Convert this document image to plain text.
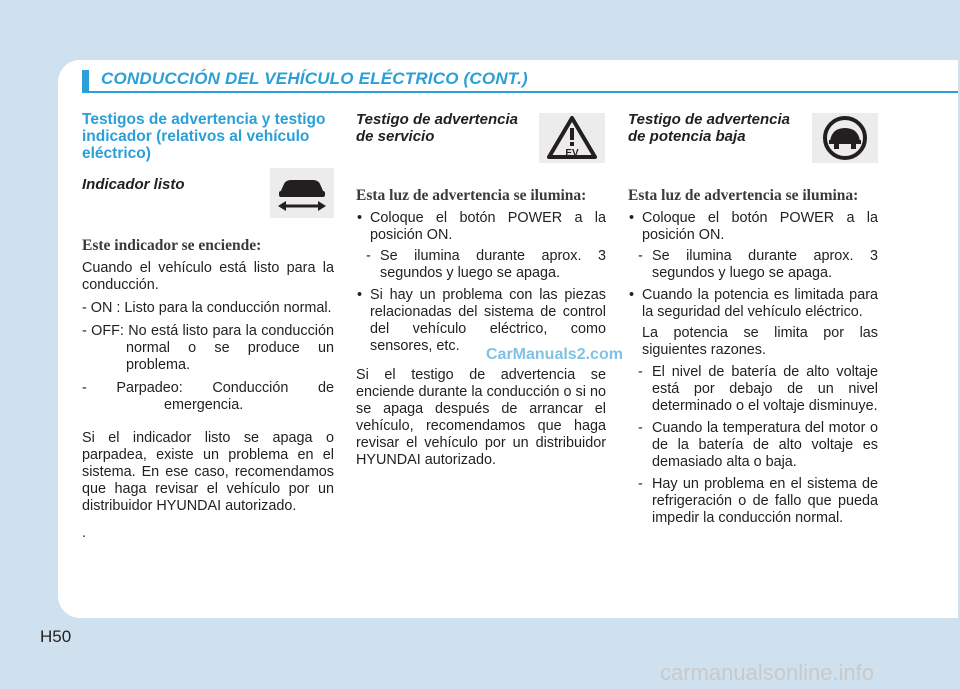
CONDUCCIÓN DEL VEHÍCULO ELÉCTRICO (CONT.)
Testigos de advertencia y testigo indicador (relativos al vehículo eléctrico)
Indicador listo
Este indicador se enciende:

Cuando el vehículo está listo para la conducción.

- ON : Listo para la conducción normal.

- OFF: No está listo para la conducción normal o se produce un problema.

- Parpadeo: Conducción de emergencia.

Si el indicador listo se apaga o parpadea, existe un problema en el sistema. En ese caso, recomendamos que haga revisar el vehículo por un distribuidor HYUNDAI autorizado.

.

Testigo de advertencia de servicio
Esta luz de advertencia se ilumina:
• Coloque el botón POWER a la posición ON.
- Se ilumina durante aprox. 3 segundos y luego se apaga.
• Si hay un problema con las piezas relacionadas del sistema de control del vehículo eléctrico, como sensores, etc.

Si el testigo de advertencia se enciende durante la conducción o si no se apaga después de arrancar el vehículo, recomendamos que haga revisar el vehículo por un distribuidor HYUNDAI autorizado.

EV
CarManuals2.com
Testigo de advertencia de potencia baja
Esta luz de advertencia se ilumina:
• Coloque el botón POWER a la posición ON.
- Se ilumina durante aprox. 3 segundos y luego se apaga.
• Cuando la potencia es limitada para la seguridad del vehículo eléctrico.

La potencia se limita por las siguientes razones.

- El nivel de batería de alto voltaje está por debajo de un nivel determinado o el voltaje disminuye.
- Cuando la temperatura del motor o de la batería de alto voltaje es demasiado alta o baja.
- Hay un problema en el sistema de refrigeración o de fallo que pueda impedir la conducción normal.
H50
carmanualsonline.info
